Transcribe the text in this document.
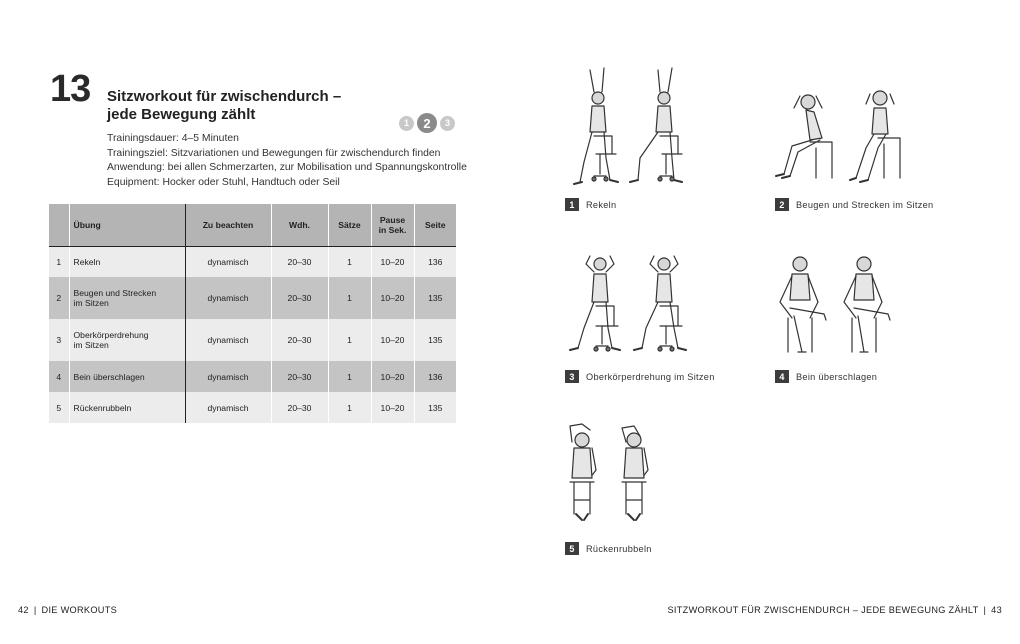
13 Sitzworkout für zwischendurch –
jede Bewegung zählt	1	2	3
Trainingsdauer: 4–5 Minuten
Trainingsziel: Sitzvariationen und Bewegungen für zwischendurch finden
Anwendung: bei allen Schmerzarten, zur Mobilisation und Spannungskontrolle
Equipment: Hocker oder Stuhl, Handtuch oder Seil
	Übung	Zu beachten	Wdh.	Sätze	Pause
in Sek.	Seite
1	Rekeln	dynamisch	20–30	1	10–20	136
2	Beugen und Strecken
im Sitzen	dynamisch	20–30	1	10–20	135
3	Oberkörperdrehung
im Sitzen	dynamisch	20–30	1	10–20	135
4	Bein überschlagen	dynamisch	20–30	1	10–20	136
5	Rückenrubbeln	dynamisch	20–30	1	10–20	135
1	Rekeln	2	Beugen und Strecken im Sitzen
3	Oberkörperdrehung im Sitzen	4	Bein überschlagen
5	Rückenrubbeln
42 | DIE WORKOUTS	SITZWORKOUT FÜR ZWISCHENDURCH – JEDE BEWEGUNG ZÄHLT | 43
